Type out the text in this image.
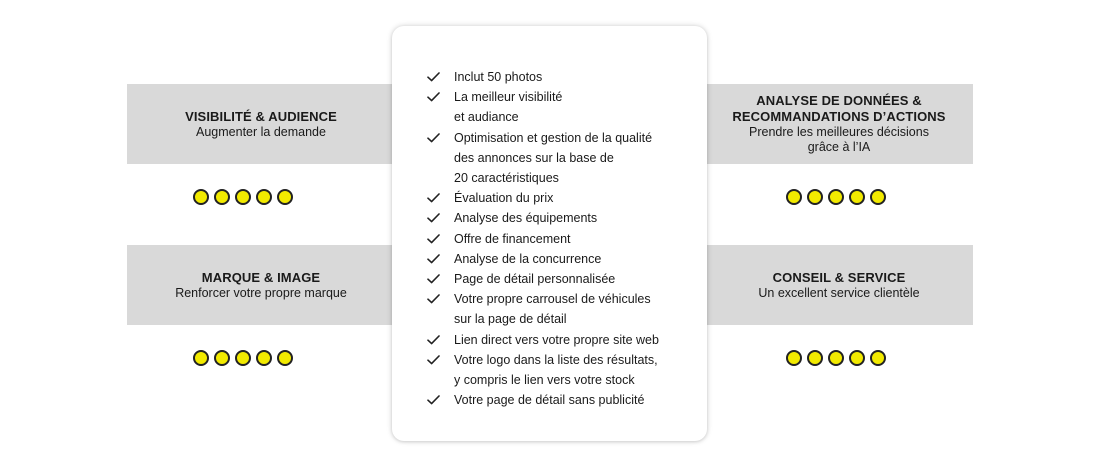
VISIBILITÉ & AUDIENCE
Augmenter la demande
ANALYSE DE DONNÉES &
RECOMMANDATIONS D’ACTIONS
Prendre les meilleures décisions
grâce à l’IA
MARQUE & IMAGE
Renforcer votre propre marque
CONSEIL & SERVICE
Un excellent service clientèle
Inclut 50 photos
La meilleur visibilité
et audiance
Optimisation et gestion de la qualité
des annonces sur la base de
20 caractéristiques
Évaluation du prix
Analyse des équipements
Offre de financement
Analyse de la concurrence
Page de détail personnalisée
Votre propre carrousel de véhicules
sur la page de détail
Lien direct vers votre propre site web
Votre logo dans la liste des résultats,
y compris le lien vers votre stock
Votre page de détail sans publicité
